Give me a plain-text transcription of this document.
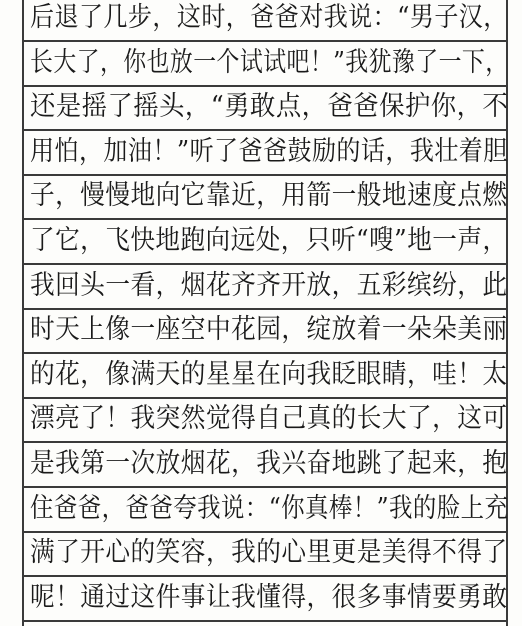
后退了几步，这时，爸爸对我说：“男子汉，
长大了，你也放一个试试吧！”我犹豫了一下，
还是摇了摇头，“勇敢点，爸爸保护你，不
用怕，加油！”听了爸爸鼓励的话，我壮着胆
子，慢慢地向它靠近，用箭一般地速度点燃
了它，飞快地跑向远处，只听“嗖”地一声，
我回头一看，烟花齐齐开放，五彩缤纷，此
时天上像一座空中花园，绽放着一朵朵美丽
的花，像满天的星星在向我眨眼睛，哇！太
漂亮了！我突然觉得自己真的长大了，这可
是我第一次放烟花，我兴奋地跳了起来，抱
住爸爸，爸爸夸我说：“你真棒！”我的脸上充
满了开心的笑容，我的心里更是美得不得了
呢！通过这件事让我懂得，很多事情要勇敢
